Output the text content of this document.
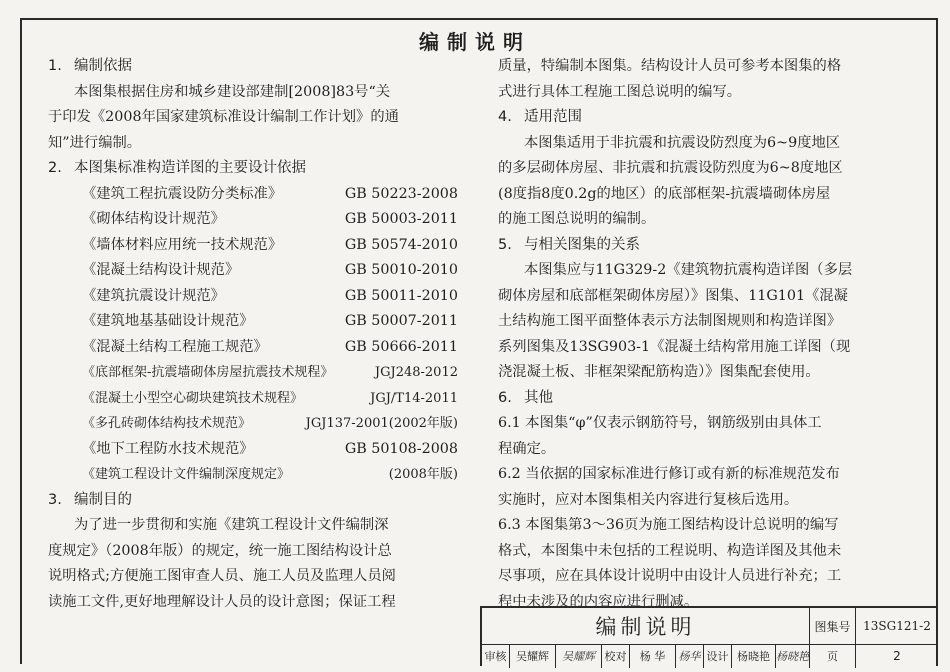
编制说明
1. 编制依据
本图集根据住房和城乡建设部建制[2008]83号“关
于印发《2008年国家建筑标准设计编制工作计划》的通
知”进行编制。
2. 本图集标准构造详图的主要设计依据
《建筑工程抗震设防分类标准》	GB 50223-2008
《砌体结构设计规范》	GB 50003-2011
《墙体材料应用统一技术规范》	GB 50574-2010
《混凝土结构设计规范》	GB 50010-2010
《建筑抗震设计规范》	GB 50011-2010
《建筑地基基础设计规范》	GB 50007-2011
《混凝土结构工程施工规范》	GB 50666-2011
《底部框架-抗震墙砌体房屋抗震技术规程》	JGJ248-2012
《混凝土小型空心砌块建筑技术规程》	JGJ/T14-2011
《多孔砖砌体结构技术规范》	JGJ137-2001(2002年版)
《地下工程防水技术规范》	GB 50108-2008
《建筑工程设计文件编制深度规定》	(2008年版)
3. 编制目的
为了进一步贯彻和实施《建筑工程设计文件编制深
度规定》（2008年版）的规定，统一施工图结构设计总
说明格式;方便施工图审查人员、施工人员及监理人员阅
读施工文件,更好地理解设计人员的设计意图；保证工程
质量，特编制本图集。结构设计人员可参考本图集的格
式进行具体工程施工图总说明的编写。
4. 适用范围
本图集适用于非抗震和抗震设防烈度为6~9度地区
的多层砌体房屋、非抗震和抗震设防烈度为6~8度地区
(8度指8度0.2g的地区）的底部框架-抗震墙砌体房屋
的施工图总说明的编制。
5. 与相关图集的关系
本图集应与11G329-2《建筑物抗震构造详图（多层
砌体房屋和底部框架砌体房屋）》图集、11G101《混凝
土结构施工图平面整体表示方法制图规则和构造详图》
系列图集及13SG903-1《混凝土结构常用施工详图（现
浇混凝土板、非框架梁配筋构造）》图集配套使用。
6. 其他
6.1 本图集“φ”仅表示钢筋符号，钢筋级别由具体工
程确定。
6.2 当依据的国家标准进行修订或有新的标准规范发布
实施时，应对本图集相关内容进行复核后选用。
6.3 本图集第3～36页为施工图结构设计总说明的编写
格式，本图集中未包括的工程说明、构造详图及其他未
尽事项，应在具体设计说明中由设计人员进行补充；工
程中未涉及的内容应进行删减。
编制说明	图集号	13SG121-2
审核 吴耀辉	吴耀辉 校对	杨 华	杨华 设计 杨晓艳 杨晓艳	页	2
